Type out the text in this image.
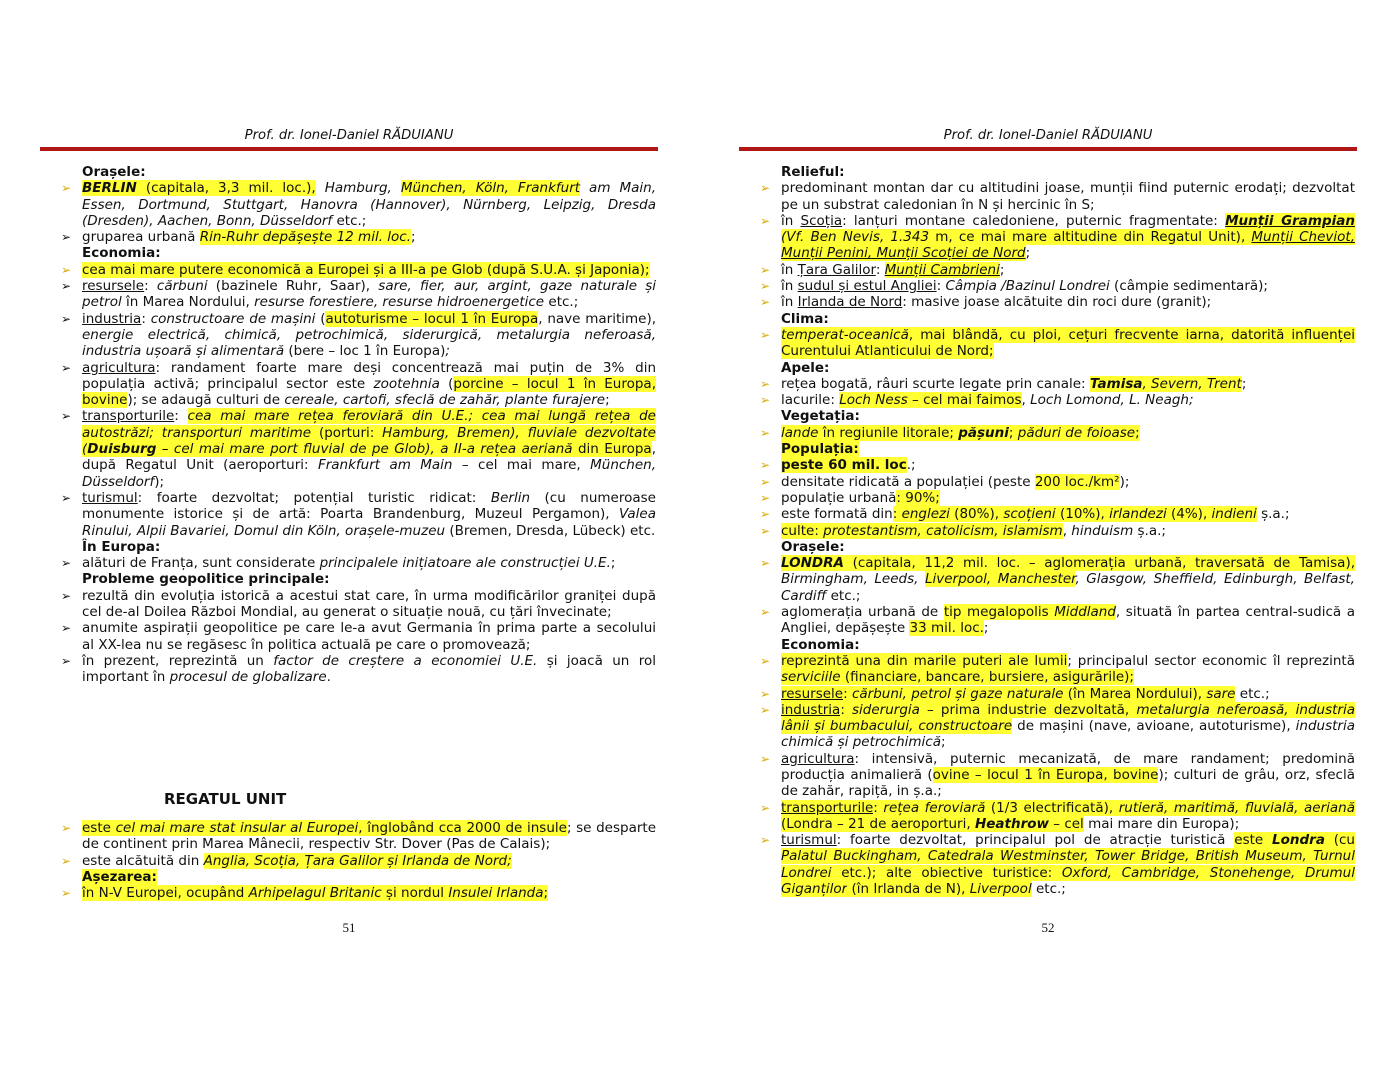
Prof. dr. Ionel-Daniel RĂDUIANU
Orașele:
➢ BERLIN (capitala, 3,3 mil. loc.), Hamburg, München, Köln, Frankfurt am Main, Essen, Dortmund, Stuttgart, Hanovra (Hannover), Nürnberg, Leipzig, Dresda (Dresden), Aachen, Bonn, Düsseldorf etc.;
➢ gruparea urbană Rin-Ruhr depășește 12 mil. loc.;
Economia:
➢ cea mai mare putere economică a Europei și a III-a pe Glob (după S.U.A. și Japonia);
➢ resursele: cărbuni (bazinele Ruhr, Saar), sare, fier, aur, argint, gaze naturale și petrol în Marea Nordului, resurse forestiere, resurse hidroenergetice etc.;
➢ industria: constructoare de mașini (autoturisme – locul 1 în Europa, nave maritime), energie electrică, chimică, petrochimică, siderurgică, metalurgia neferoasă, industria ușoară și alimentară (bere – loc 1 în Europa);
➢ agricultura: randament foarte mare deși concentrează mai puțin de 3% din populația activă; principalul sector este zootehnia (porcine – locul 1 în Europa, bovine); se adaugă culturi de cereale, cartofi, sfeclă de zahăr, plante furajere;
➢ transporturile: cea mai mare rețea feroviară din U.E.; cea mai lungă rețea de autostrăzi; transporturi maritime (porturi: Hamburg, Bremen), fluviale dezvoltate (Duisburg – cel mai mare port fluvial de pe Glob), a II-a rețea aeriană din Europa, după Regatul Unit (aeroporturi: Frankfurt am Main – cel mai mare, München, Düsseldorf);
➢ turismul: foarte dezvoltat; potențial turistic ridicat: Berlin (cu numeroase monumente istorice și de artă: Poarta Brandenburg, Muzeul Pergamon), Valea Rinului, Alpii Bavariei, Domul din Köln, orașele-muzeu (Bremen, Dresda, Lübeck) etc.
În Europa:
➢ alături de Franța, sunt considerate principalele inițiatoare ale construcției U.E.;
Probleme geopolitice principale:
➢ rezultă din evoluția istorică a acestui stat care, în urma modificărilor graniței după cel de-al Doilea Război Mondial, au generat o situație nouă, cu țări învecinate;
➢ anumite aspirații geopolitice pe care le-a avut Germania în prima parte a secolului al XX-lea nu se regăsesc în politica actuală pe care o promovează;
➢ în prezent, reprezintă un factor de creștere a economiei U.E. și joacă un rol important în procesul de globalizare.
REGATUL UNIT
➢ este cel mai mare stat insular al Europei, înglobând cca 2000 de insule; se desparte de continent prin Marea Mânecii, respectiv Str. Dover (Pas de Calais);
➢ este alcătuită din Anglia, Scoția, Țara Galilor și Irlanda de Nord;
Așezarea:
➢ în N-V Europei, ocupând Arhipelagul Britanic și nordul Insulei Irlanda;
51
Prof. dr. Ionel-Daniel RĂDUIANU
Relieful:
➢ predominant montan dar cu altitudini joase, munții fiind puternic erodați; dezvoltat pe un substrat caledonian în N și hercinic în S;
➢ în Scoția: lanțuri montane caledoniene, puternic fragmentate: Munții Grampian (Vf. Ben Nevis, 1.343 m, ce mai mare altitudine din Regatul Unit), Munții Cheviot, Munții Penini, Munții Scoției de Nord;
➢ în Țara Galilor: Munții Cambrieni;
➢ în sudul și estul Angliei: Câmpia /Bazinul Londrei (câmpie sedimentară);
➢ în Irlanda de Nord: masive joase alcătuite din roci dure (granit);
Clima:
➢ temperat-oceanică, mai blândă, cu ploi, cețuri frecvente iarna, datorită influenței Curentului Atlanticului de Nord;
Apele:
➢ rețea bogată, râuri scurte legate prin canale: Tamisa, Severn, Trent;
➢ lacurile: Loch Ness – cel mai faimos, Loch Lomond, L. Neagh;
Vegetația:
➢ lande în regiunile litorale; pășuni; păduri de foioase;
Populația:
➢ peste 60 mil. loc.;
➢ densitate ridicată a populației (peste 200 loc./km²);
➢ populație urbană: 90%;
➢ este formată din: englezi (80%), scoțieni (10%), irlandezi (4%), indieni ș.a.;
➢ culte: protestantism, catolicism, islamism, hinduism ș.a.;
Orașele:
➢ LONDRA (capitala, 11,2 mil. loc. – aglomerația urbană, traversată de Tamisa), Birmingham, Leeds, Liverpool, Manchester, Glasgow, Sheffield, Edinburgh, Belfast, Cardiff etc.;
➢ aglomerația urbană de tip megalopolis Middland, situată în partea central-sudică a Angliei, depășește 33 mil. loc.;
Economia:
➢ reprezintă una din marile puteri ale lumii; principalul sector economic îl reprezintă serviciile (financiare, bancare, bursiere, asigurările);
➢ resursele: cărbuni, petrol și gaze naturale (în Marea Nordului), sare etc.;
➢ industria: siderurgia – prima industrie dezvoltată, metalurgia neferoasă, industria lânii și bumbacului, constructoare de mașini (nave, avioane, autoturisme), industria chimică și petrochimică;
➢ agricultura: intensivă, puternic mecanizată, de mare randament; predomină producția animalieră (ovine – locul 1 în Europa, bovine); culturi de grâu, orz, sfeclă de zahăr, rapiță, in ș.a.;
➢ transporturile: rețea feroviară (1/3 electrificată), rutieră, maritimă, fluvială, aeriană (Londra – 21 de aeroporturi, Heathrow – cel mai mare din Europa);
➢ turismul: foarte dezvoltat, principalul pol de atracție turistică este Londra (cu Palatul Buckingham, Catedrala Westminster, Tower Bridge, British Museum, Turnul Londrei etc.); alte obiective turistice: Oxford, Cambridge, Stonehenge, Drumul Giganților (în Irlanda de N), Liverpool etc.;
52
